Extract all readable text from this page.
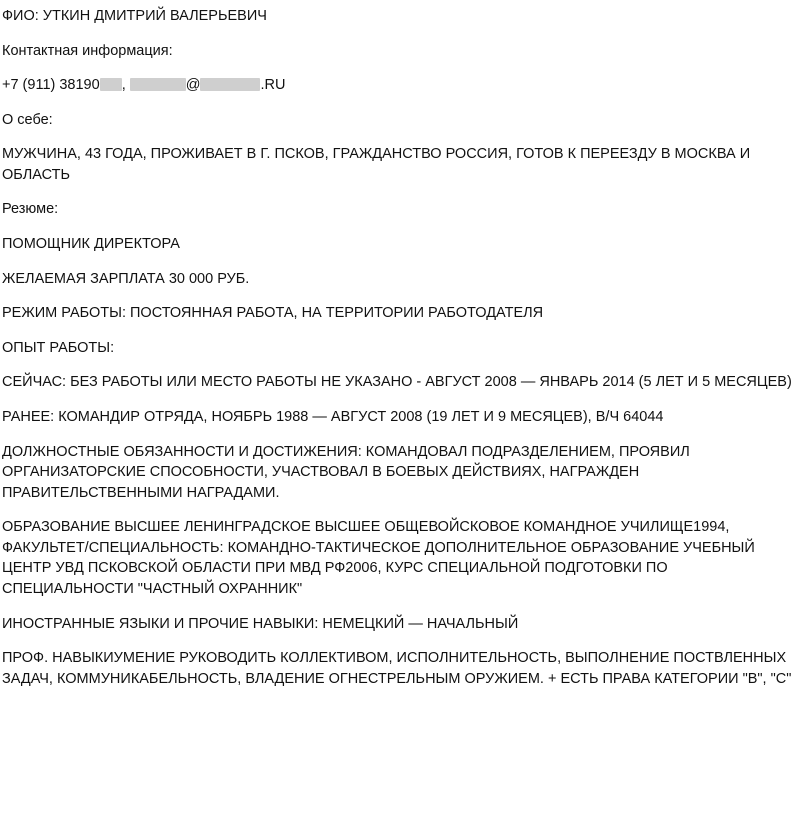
ФИО: УТКИН ДМИТРИЙ ВАЛЕРЬЕВИЧ

Контактная информация:

+7 (911) 38190 ,	@	.RU

О себе:

МУЖЧИНА, 43 ГОДА, ПРОЖИВАЕТ В Г. ПСКОВ, ГРАЖДАНСТВО РОССИЯ, ГОТОВ К ПЕРЕЕЗДУ В МОСКВА И ОБЛАСТЬ

Резюме:

ПОМОЩНИК ДИРЕКТОРА

ЖЕЛАЕМАЯ ЗАРПЛАТА 30 000 РУБ.

РЕЖИМ РАБОТЫ: ПОСТОЯННАЯ РАБОТА, НА ТЕРРИТОРИИ РАБОТОДАТЕЛЯ

ОПЫТ РАБОТЫ:

СЕЙЧАС: БЕЗ РАБОТЫ ИЛИ МЕСТО РАБОТЫ НЕ УКАЗАНО - АВГУСТ 2008 — ЯНВАРЬ 2014 (5 ЛЕТ И 5 МЕСЯЦЕВ)

РАНЕЕ: КОМАНДИР ОТРЯДА, НОЯБРЬ 1988 — АВГУСТ 2008 (19 ЛЕТ И 9 МЕСЯЦЕВ), В/Ч 64044

ДОЛЖНОСТНЫЕ ОБЯЗАННОСТИ И ДОСТИЖЕНИЯ: КОМАНДОВАЛ ПОДРАЗДЕЛЕНИЕМ, ПРОЯВИЛ ОРГАНИЗАТОРСКИЕ СПОСОБНОСТИ, УЧАСТВОВАЛ В БОЕВЫХ ДЕЙСТВИЯХ, НАГРАЖДЕН ПРАВИТЕЛЬСТВЕННЫМИ НАГРАДАМИ.

ОБРАЗОВАНИЕ ВЫСШЕЕ ЛЕНИНГРАДСКОЕ ВЫСШЕЕ ОБЩЕВОЙСКОВОЕ КОМАНДНОЕ УЧИЛИЩЕ1994, ФАКУЛЬТЕТ/СПЕЦИАЛЬНОСТЬ: КОМАНДНО-ТАКТИЧЕСКОЕ ДОПОЛНИТЕЛЬНОЕ ОБРАЗОВАНИЕ УЧЕБНЫЙ ЦЕНТР УВД ПСКОВСКОЙ ОБЛАСТИ ПРИ МВД РФ2006, КУРС СПЕЦИАЛЬНОЙ ПОДГОТОВКИ ПО СПЕЦИАЛЬНОСТИ "ЧАСТНЫЙ ОХРАННИК"

ИНОСТРАННЫЕ ЯЗЫКИ И ПРОЧИЕ НАВЫКИ: НЕМЕЦКИЙ — НАЧАЛЬНЫЙ

ПРОФ. НАВЫКИУМЕНИЕ РУКОВОДИТЬ КОЛЛЕКТИВОМ, ИСПОЛНИТЕЛЬНОСТЬ, ВЫПОЛНЕНИЕ ПОСТВЛЕННЫХ ЗАДАЧ, КОММУНИКАБЕЛЬНОСТЬ, ВЛАДЕНИЕ ОГНЕСТРЕЛЬНЫМ ОРУЖИЕМ. + ЕСТЬ ПРАВА КАТЕГОРИИ "B", "C"
